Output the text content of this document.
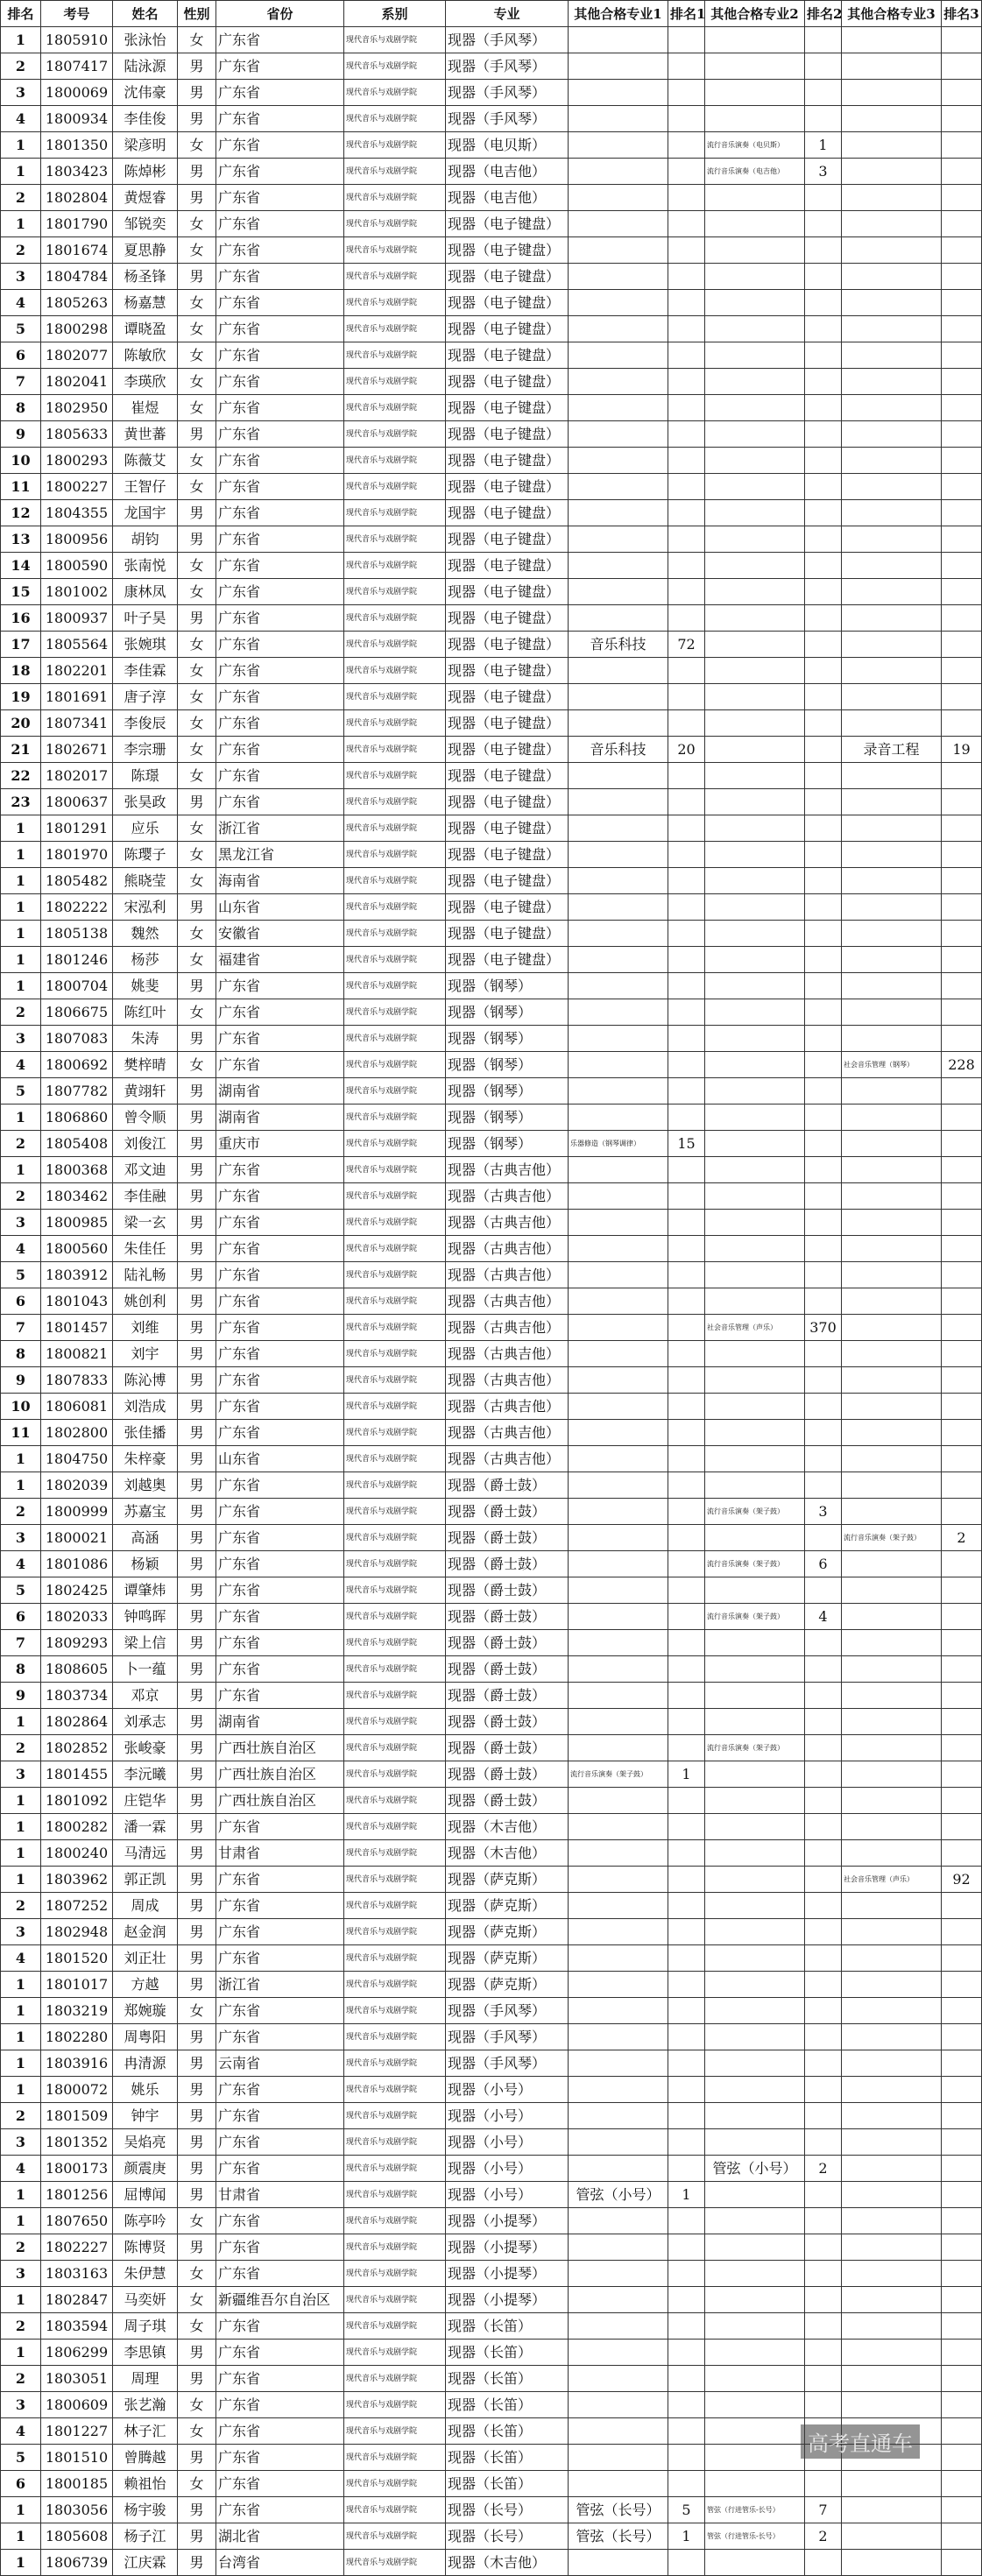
排名	考号	姓名	性别	省份	系别	专业	其他合格专业1	排名1	其他合格专业2	排名2	其他合格专业3	排名3
1	1805910	张泳怡	女	广东省	现代音乐与戏剧学院	现器（手风琴）						
2	1807417	陆泳源	男	广东省	现代音乐与戏剧学院	现器（手风琴）						
3	1800069	沈伟豪	男	广东省	现代音乐与戏剧学院	现器（手风琴）						
4	1800934	李佳俊	男	广东省	现代音乐与戏剧学院	现器（手风琴）						
1	1801350	梁彦明	女	广东省	现代音乐与戏剧学院	现器（电贝斯）			流行音乐演奏（电贝斯）	1		
1	1803423	陈焯彬	男	广东省	现代音乐与戏剧学院	现器（电吉他）			流行音乐演奏（电吉他）	3		
2	1802804	黄煜睿	男	广东省	现代音乐与戏剧学院	现器（电吉他）						
1	1801790	邹锐奕	女	广东省	现代音乐与戏剧学院	现器（电子键盘）						
2	1801674	夏思静	女	广东省	现代音乐与戏剧学院	现器（电子键盘）						
3	1804784	杨圣锋	男	广东省	现代音乐与戏剧学院	现器（电子键盘）						
4	1805263	杨嘉慧	女	广东省	现代音乐与戏剧学院	现器（电子键盘）						
5	1800298	谭晓盈	女	广东省	现代音乐与戏剧学院	现器（电子键盘）						
6	1802077	陈敏欣	女	广东省	现代音乐与戏剧学院	现器（电子键盘）						
7	1802041	李瑛欣	女	广东省	现代音乐与戏剧学院	现器（电子键盘）						
8	1802950	崔煜	女	广东省	现代音乐与戏剧学院	现器（电子键盘）						
9	1805633	黄世蕃	男	广东省	现代音乐与戏剧学院	现器（电子键盘）						
10	1800293	陈薇艾	女	广东省	现代音乐与戏剧学院	现器（电子键盘）						
11	1800227	王智仔	女	广东省	现代音乐与戏剧学院	现器（电子键盘）						
12	1804355	龙国宇	男	广东省	现代音乐与戏剧学院	现器（电子键盘）						
13	1800956	胡钧	男	广东省	现代音乐与戏剧学院	现器（电子键盘）						
14	1800590	张南悦	女	广东省	现代音乐与戏剧学院	现器（电子键盘）						
15	1801002	康林凤	女	广东省	现代音乐与戏剧学院	现器（电子键盘）						
16	1800937	叶子昊	男	广东省	现代音乐与戏剧学院	现器（电子键盘）						
17	1805564	张婉琪	女	广东省	现代音乐与戏剧学院	现器（电子键盘）	音乐科技	72				
18	1802201	李佳霖	女	广东省	现代音乐与戏剧学院	现器（电子键盘）						
19	1801691	唐子淳	女	广东省	现代音乐与戏剧学院	现器（电子键盘）						
20	1807341	李俊辰	女	广东省	现代音乐与戏剧学院	现器（电子键盘）						
21	1802671	李宗珊	女	广东省	现代音乐与戏剧学院	现器（电子键盘）	音乐科技	20			录音工程	19
22	1802017	陈璟	女	广东省	现代音乐与戏剧学院	现器（电子键盘）						
23	1800637	张昊政	男	广东省	现代音乐与戏剧学院	现器（电子键盘）						
1	1801291	应乐	女	浙江省	现代音乐与戏剧学院	现器（电子键盘）						
1	1801970	陈璎子	女	黑龙江省	现代音乐与戏剧学院	现器（电子键盘）						
1	1805482	熊晓莹	女	海南省	现代音乐与戏剧学院	现器（电子键盘）						
1	1802222	宋泓利	男	山东省	现代音乐与戏剧学院	现器（电子键盘）						
1	1805138	魏然	女	安徽省	现代音乐与戏剧学院	现器（电子键盘）						
1	1801246	杨莎	女	福建省	现代音乐与戏剧学院	现器（电子键盘）						
1	1800704	姚斐	男	广东省	现代音乐与戏剧学院	现器（钢琴）						
2	1806675	陈红叶	女	广东省	现代音乐与戏剧学院	现器（钢琴）						
3	1807083	朱涛	男	广东省	现代音乐与戏剧学院	现器（钢琴）						
4	1800692	樊梓晴	女	广东省	现代音乐与戏剧学院	现器（钢琴）					社会音乐管理（钢琴）	228
5	1807782	黄翊轩	男	湖南省	现代音乐与戏剧学院	现器（钢琴）						
1	1806860	曾令顺	男	湖南省	现代音乐与戏剧学院	现器（钢琴）						
2	1805408	刘俊江	男	重庆市	现代音乐与戏剧学院	现器（钢琴）	乐器修造（钢琴调律）	15				
1	1800368	邓文迪	男	广东省	现代音乐与戏剧学院	现器（古典吉他）						
2	1803462	李佳融	男	广东省	现代音乐与戏剧学院	现器（古典吉他）						
3	1800985	梁一玄	男	广东省	现代音乐与戏剧学院	现器（古典吉他）						
4	1800560	朱佳任	男	广东省	现代音乐与戏剧学院	现器（古典吉他）						
5	1803912	陆礼畅	男	广东省	现代音乐与戏剧学院	现器（古典吉他）						
6	1801043	姚创利	男	广东省	现代音乐与戏剧学院	现器（古典吉他）						
7	1801457	刘维	男	广东省	现代音乐与戏剧学院	现器（古典吉他）			社会音乐管理（声乐）	370		
8	1800821	刘宇	男	广东省	现代音乐与戏剧学院	现器（古典吉他）						
9	1807833	陈沁博	男	广东省	现代音乐与戏剧学院	现器（古典吉他）						
10	1806081	刘浩成	男	广东省	现代音乐与戏剧学院	现器（古典吉他）						
11	1802800	张佳播	男	广东省	现代音乐与戏剧学院	现器（古典吉他）						
1	1804750	朱梓豪	男	山东省	现代音乐与戏剧学院	现器（古典吉他）						
1	1802039	刘越奥	男	广东省	现代音乐与戏剧学院	现器（爵士鼓）						
2	1800999	苏嘉宝	男	广东省	现代音乐与戏剧学院	现器（爵士鼓）			流行音乐演奏（架子鼓）	3		
3	1800021	高涵	男	广东省	现代音乐与戏剧学院	现器（爵士鼓）					流行音乐演奏（架子鼓）	2
4	1801086	杨颖	男	广东省	现代音乐与戏剧学院	现器（爵士鼓）			流行音乐演奏（架子鼓）	6		
5	1802425	谭肇炜	男	广东省	现代音乐与戏剧学院	现器（爵士鼓）						
6	1802033	钟鸣晖	男	广东省	现代音乐与戏剧学院	现器（爵士鼓）			流行音乐演奏（架子鼓）	4		
7	1809293	梁上信	男	广东省	现代音乐与戏剧学院	现器（爵士鼓）						
8	1808605	卜一蕴	男	广东省	现代音乐与戏剧学院	现器（爵士鼓）						
9	1803734	邓京	男	广东省	现代音乐与戏剧学院	现器（爵士鼓）						
1	1802864	刘承志	男	湖南省	现代音乐与戏剧学院	现器（爵士鼓）						
2	1802852	张峻豪	男	广西壮族自治区	现代音乐与戏剧学院	现器（爵士鼓）			流行音乐演奏（架子鼓）			
3	1801455	李沅曦	男	广西壮族自治区	现代音乐与戏剧学院	现器（爵士鼓）	流行音乐演奏（架子鼓）	1				
1	1801092	庄铠华	男	广西壮族自治区	现代音乐与戏剧学院	现器（爵士鼓）						
1	1800282	潘一霖	男	广东省	现代音乐与戏剧学院	现器（木吉他）						
1	1800240	马清远	男	甘肃省	现代音乐与戏剧学院	现器（木吉他）						
1	1803962	郭正凯	男	广东省	现代音乐与戏剧学院	现器（萨克斯）					社会音乐管理（声乐）	92
2	1807252	周成	男	广东省	现代音乐与戏剧学院	现器（萨克斯）						
3	1802948	赵金润	男	广东省	现代音乐与戏剧学院	现器（萨克斯）						
4	1801520	刘正壮	男	广东省	现代音乐与戏剧学院	现器（萨克斯）						
1	1801017	方越	男	浙江省	现代音乐与戏剧学院	现器（萨克斯）						
1	1803219	郑婉璇	女	广东省	现代音乐与戏剧学院	现器（手风琴）						
1	1802280	周粤阳	男	广东省	现代音乐与戏剧学院	现器（手风琴）						
1	1803916	冉清源	男	云南省	现代音乐与戏剧学院	现器（手风琴）						
1	1800072	姚乐	男	广东省	现代音乐与戏剧学院	现器（小号）						
2	1801509	钟宇	男	广东省	现代音乐与戏剧学院	现器（小号）						
3	1801352	吴焰亮	男	广东省	现代音乐与戏剧学院	现器（小号）						
4	1800173	颜震庚	男	广东省	现代音乐与戏剧学院	现器（小号）			管弦（小号）	2		
1	1801256	屈博闻	男	甘肃省	现代音乐与戏剧学院	现器（小号）	管弦（小号）	1				
1	1807650	陈亭吟	女	广东省	现代音乐与戏剧学院	现器（小提琴）						
2	1802227	陈博贤	男	广东省	现代音乐与戏剧学院	现器（小提琴）						
3	1803163	朱伊慧	女	广东省	现代音乐与戏剧学院	现器（小提琴）						
1	1802847	马奕妍	女	新疆维吾尔自治区	现代音乐与戏剧学院	现器（小提琴）						
2	1803594	周子琪	女	广东省	现代音乐与戏剧学院	现器（长笛）						
1	1806299	李思镇	男	广东省	现代音乐与戏剧学院	现器（长笛）						
2	1803051	周理	男	广东省	现代音乐与戏剧学院	现器（长笛）						
3	1800609	张艺瀚	女	广东省	现代音乐与戏剧学院	现器（长笛）						
4	1801227	林子汇	女	广东省	现代音乐与戏剧学院	现器（长笛）						
5	1801510	曾腾越	男	广东省	现代音乐与戏剧学院	现器（长笛）						
6	1800185	赖祖怡	女	广东省	现代音乐与戏剧学院	现器（长笛）						
1	1803056	杨宇骏	男	广东省	现代音乐与戏剧学院	现器（长号）	管弦（长号）	5	管弦（行进管乐-长号）	7		
1	1805608	杨子江	男	湖北省	现代音乐与戏剧学院	现器（长号）	管弦（长号）	1	管弦（行进管乐-长号）	2		
1	1806739	江庆霖	男	台湾省	现代音乐与戏剧学院	现器（木吉他）						
高考直通车
